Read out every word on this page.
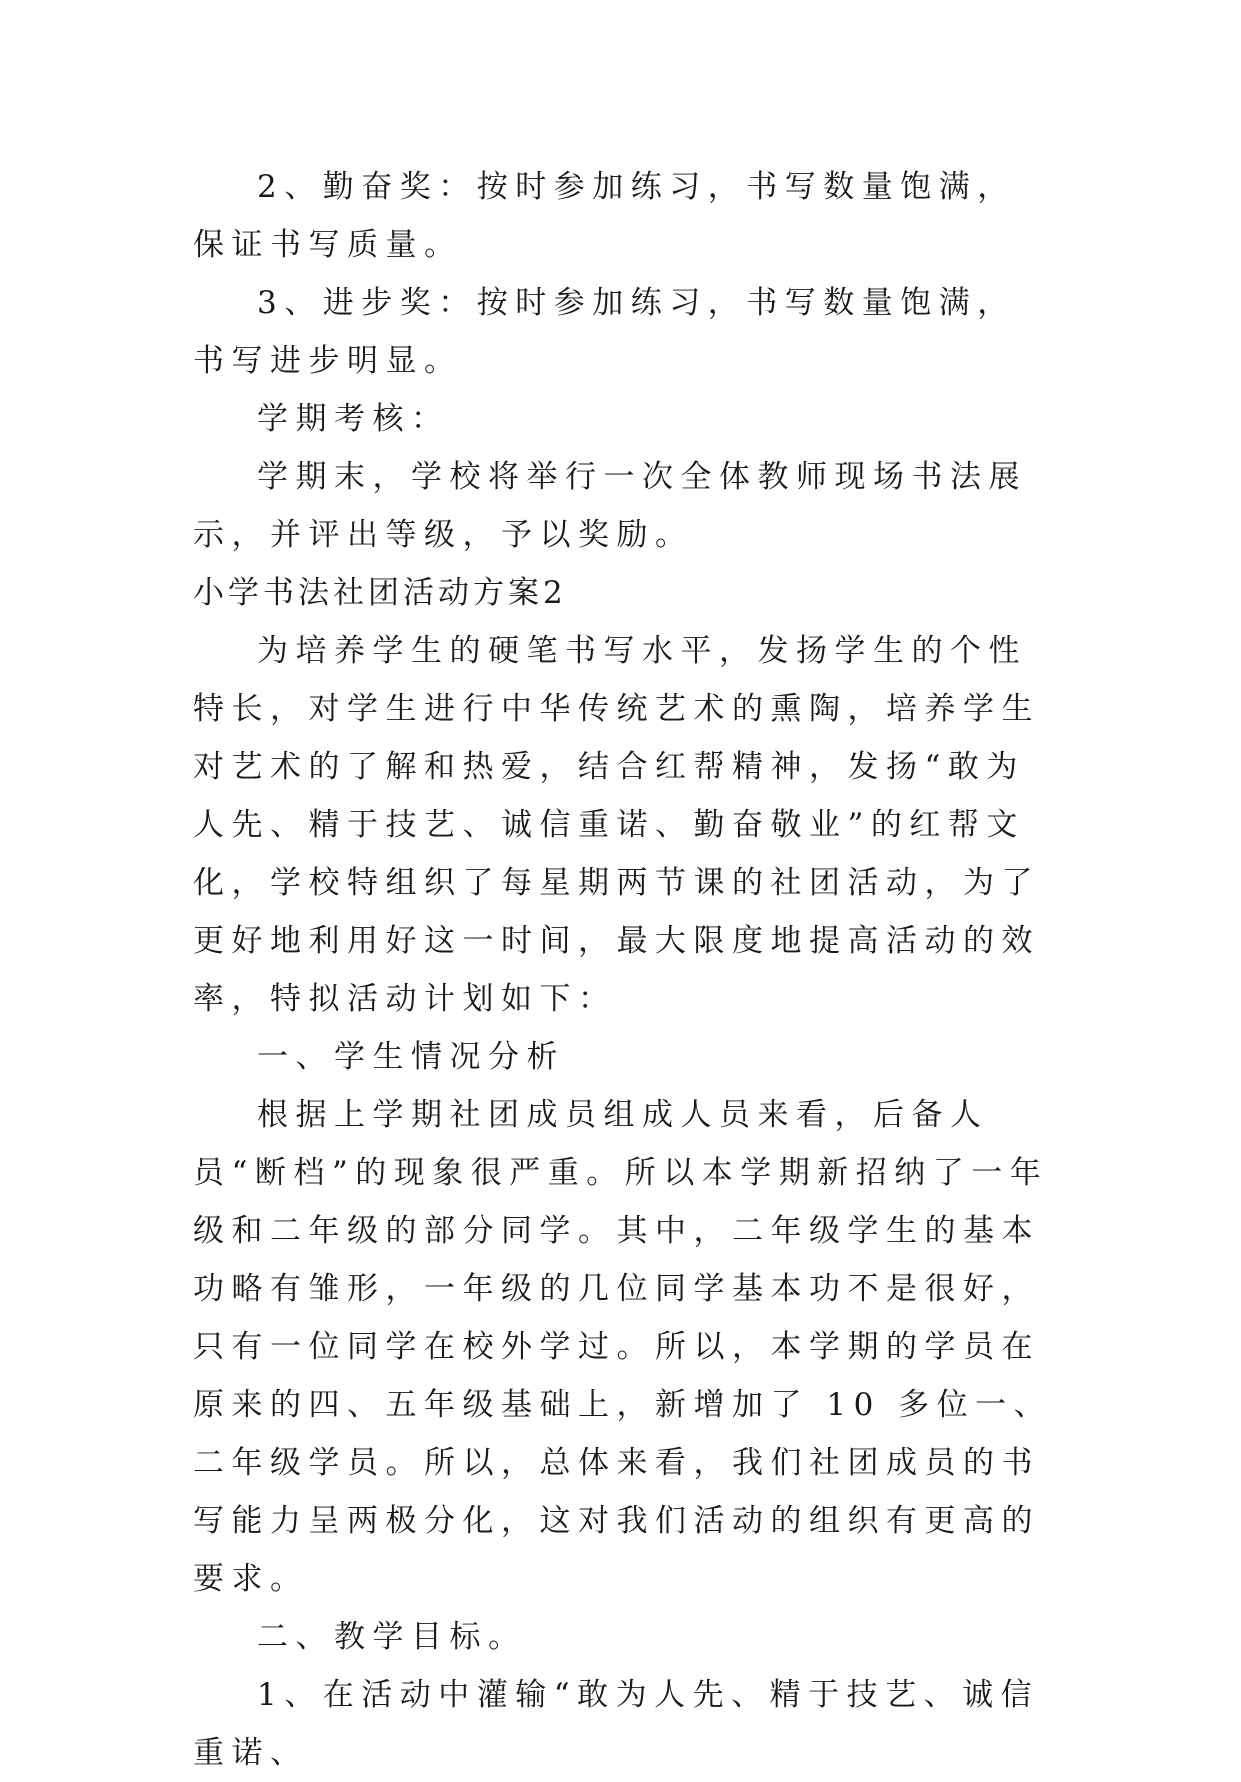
2、勤奋奖：按时参加练习，书写数量饱满，保证书写质量。

3、进步奖：按时参加练习，书写数量饱满，书写进步明显。

学期考核：

学期末，学校将举行一次全体教师现场书法展示，并评出等级，予以奖励。

小学书法社团活动方案2

为培养学生的硬笔书写水平，发扬学生的个性特长，对学生进行中华传统艺术的熏陶，培养学生对艺术的了解和热爱，结合红帮精神，发扬“敢为人先、精于技艺、诚信重诺、勤奋敬业”的红帮文化，学校特组织了每星期两节课的社团活动，为了更好地利用好这一时间，最大限度地提高活动的效率，特拟活动计划如下：

一、学生情况分析

根据上学期社团成员组成人员来看，后备人员“断档”的现象很严重。所以本学期新招纳了一年级和二年级的部分同学。其中，二年级学生的基本功略有雏形，一年级的几位同学基本功不是很好，只有一位同学在校外学过。所以，本学期的学员在原来的四、五年级基础上，新增加了 10 多位一、二年级学员。所以，总体来看，我们社团成员的书写能力呈两极分化，这对我们活动的组织有更高的要求。

二、教学目标。

1、在活动中灌输“敢为人先、精于技艺、诚信重诺、
